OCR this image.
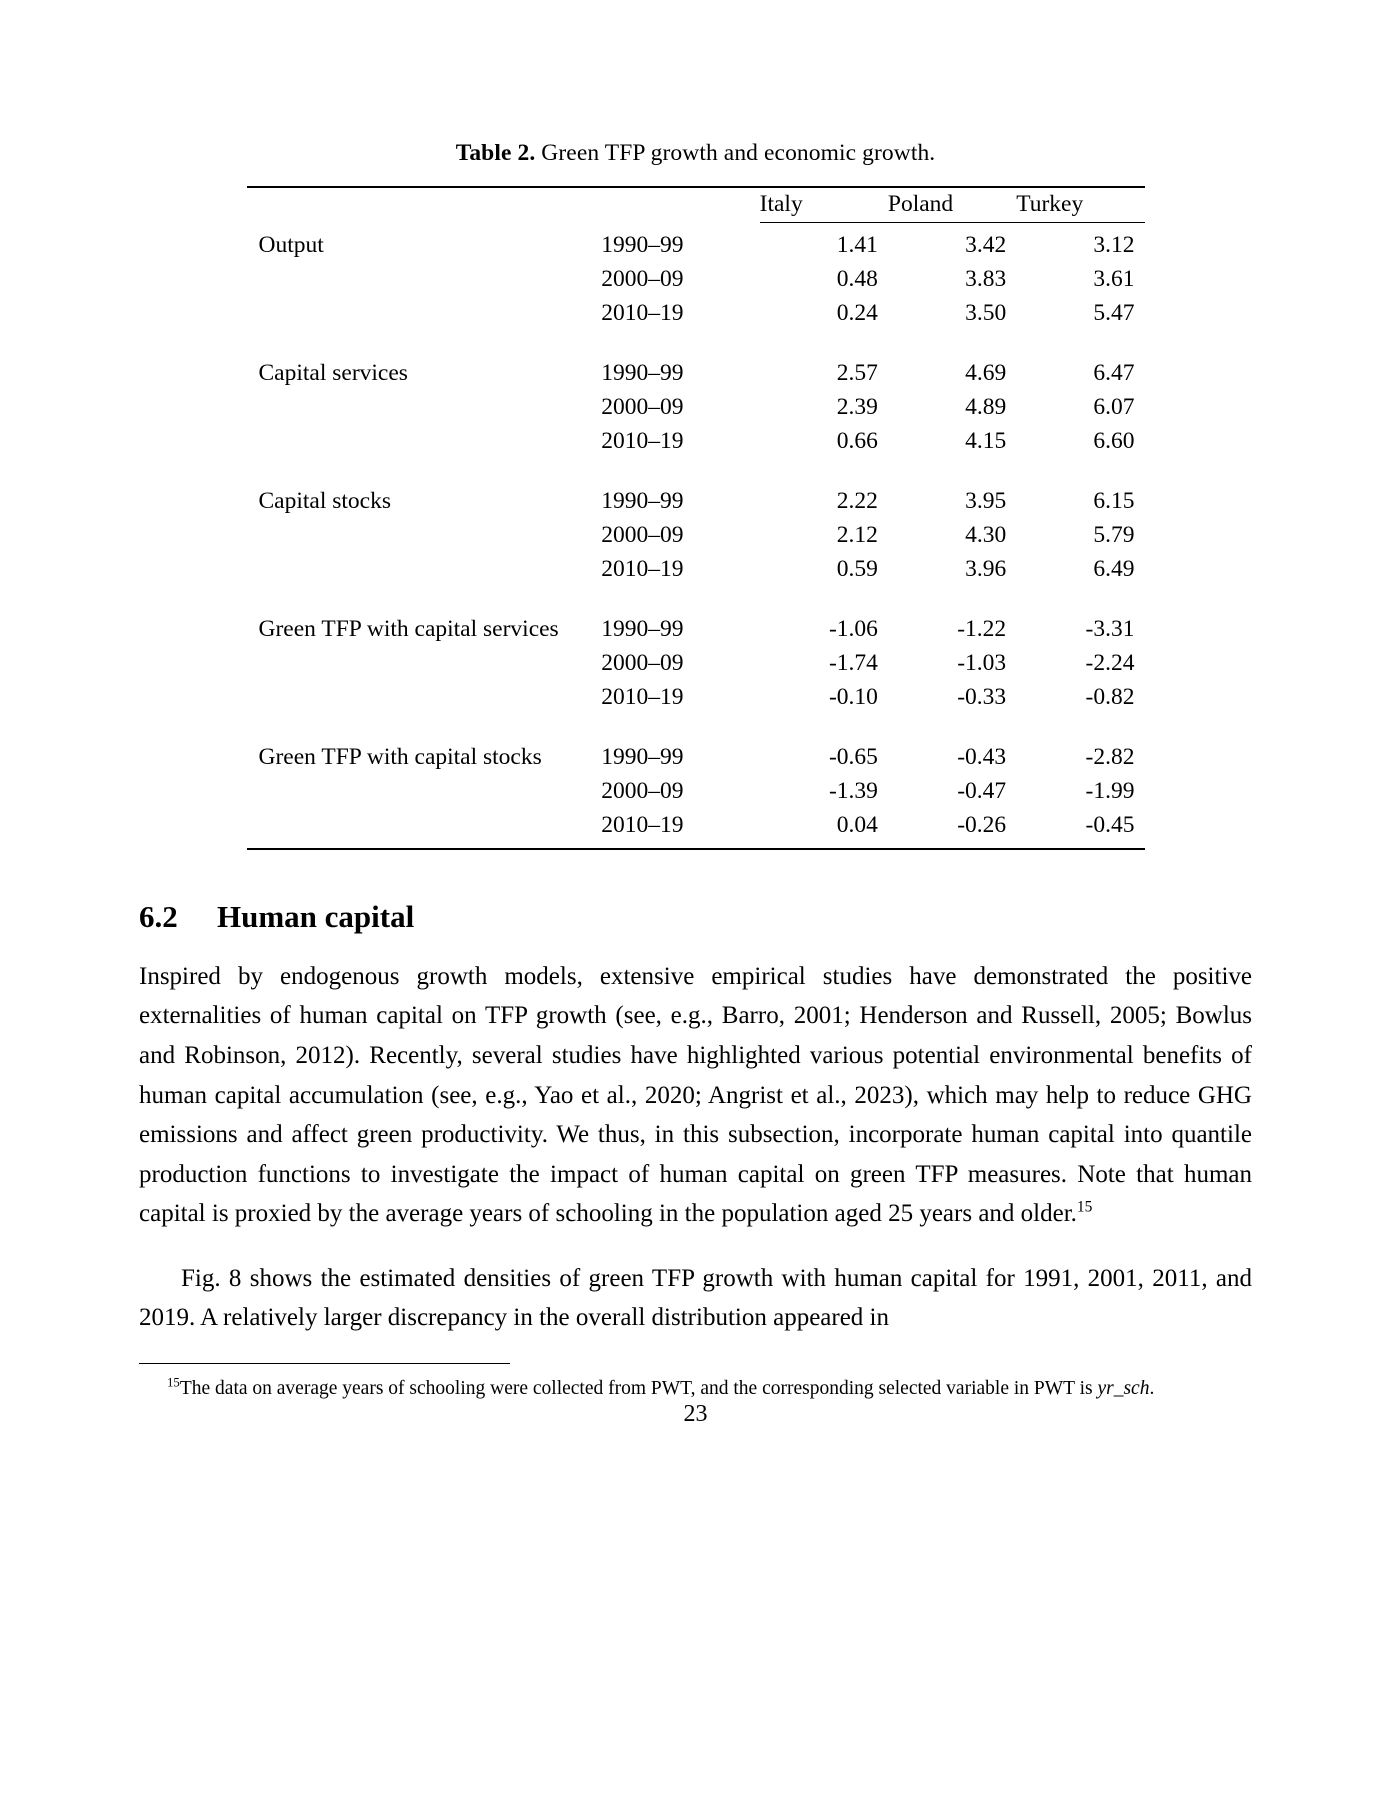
Table 2. Green TFP growth and economic growth.

		Italy	Poland	Turkey

Output	1990–99	1.41	3.42	3.12
	2000–09	0.48	3.83	3.61
	2010–19	0.24	3.50	5.47

Capital services	1990–99	2.57	4.69	6.47
	2000–09	2.39	4.89	6.07
	2010–19	0.66	4.15	6.60

Capital stocks	1990–99	2.22	3.95	6.15
	2000–09	2.12	4.30	5.79
	2010–19	0.59	3.96	6.49

Green TFP with capital services	1990–99	-1.06	-1.22	-3.31
	2000–09	-1.74	-1.03	-2.24
	2010–19	-0.10	-0.33	-0.82

Green TFP with capital stocks	1990–99	-0.65	-0.43	-2.82
	2000–09	-1.39	-0.47	-1.99
	2010–19	0.04	-0.26	-0.45

6.2	Human capital

Inspired by endogenous growth models, extensive empirical studies have demonstrated the positive externalities of human capital on TFP growth (see, e.g., Barro, 2001; Henderson and Russell, 2005; Bowlus and Robinson, 2012). Recently, several studies have highlighted various potential environmental benefits of human capital accumulation (see, e.g., Yao et al., 2020; Angrist et al., 2023), which may help to reduce GHG emissions and affect green productivity. We thus, in this subsection, incorporate human capital into quantile production functions to investigate the impact of human capital on green TFP measures. Note that human capital is proxied by the average years of schooling in the population aged 25 years and older.$^{15}$

Fig. 8 shows the estimated densities of green TFP growth with human capital for 1991, 2001, 2011, and 2019. A relatively larger discrepancy in the overall distribution appeared in

$^{15}$The data on average years of schooling were collected from PWT, and the corresponding selected variable in PWT is yr_sch.
23
